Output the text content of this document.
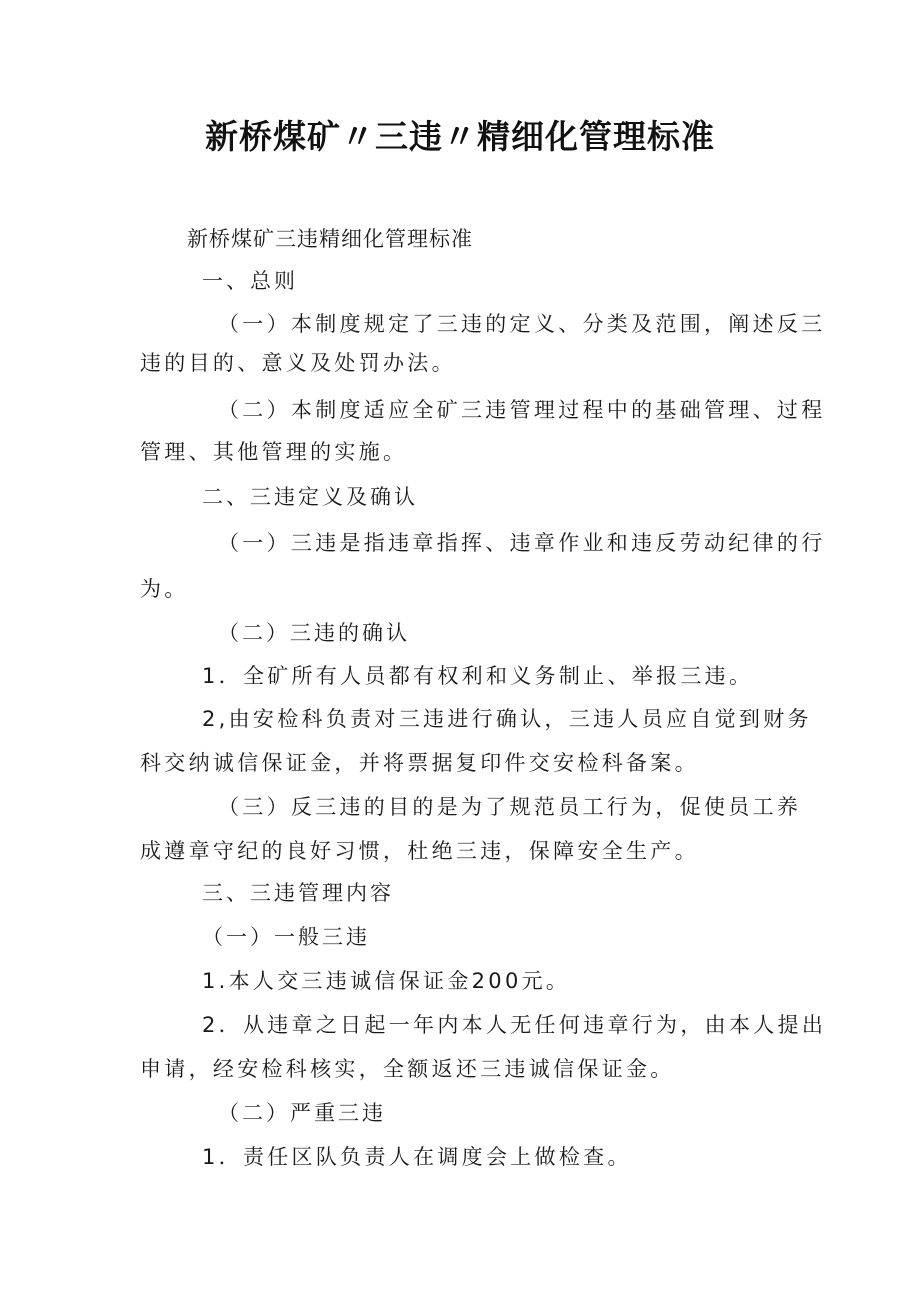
新桥煤矿〃三违〃精细化管理标准
新桥煤矿三违精细化管理标准
一、总则
（一）本制度规定了三违的定义、分类及范围，阐述反三
违的目的、意义及处罚办法。
（二）本制度适应全矿三违管理过程中的基础管理、过程
管理、其他管理的实施。
二、三违定义及确认
（一）三违是指违章指挥、违章作业和违反劳动纪律的行
为。
（二）三违的确认
1．全矿所有人员都有权利和义务制止、举报三违。
2,由安检科负责对三违进行确认，三违人员应自觉到财务
科交纳诚信保证金，并将票据复印件交安检科备案。
（三）反三违的目的是为了规范员工行为，促使员工养
成遵章守纪的良好习惯，杜绝三违，保障安全生产。
三、三违管理内容
（一）一般三违
1.本人交三违诚信保证金200元。
2．从违章之日起一年内本人无任何违章行为，由本人提出
申请，经安检科核实，全额返还三违诚信保证金。
（二）严重三违
1．责任区队负责人在调度会上做检查。
